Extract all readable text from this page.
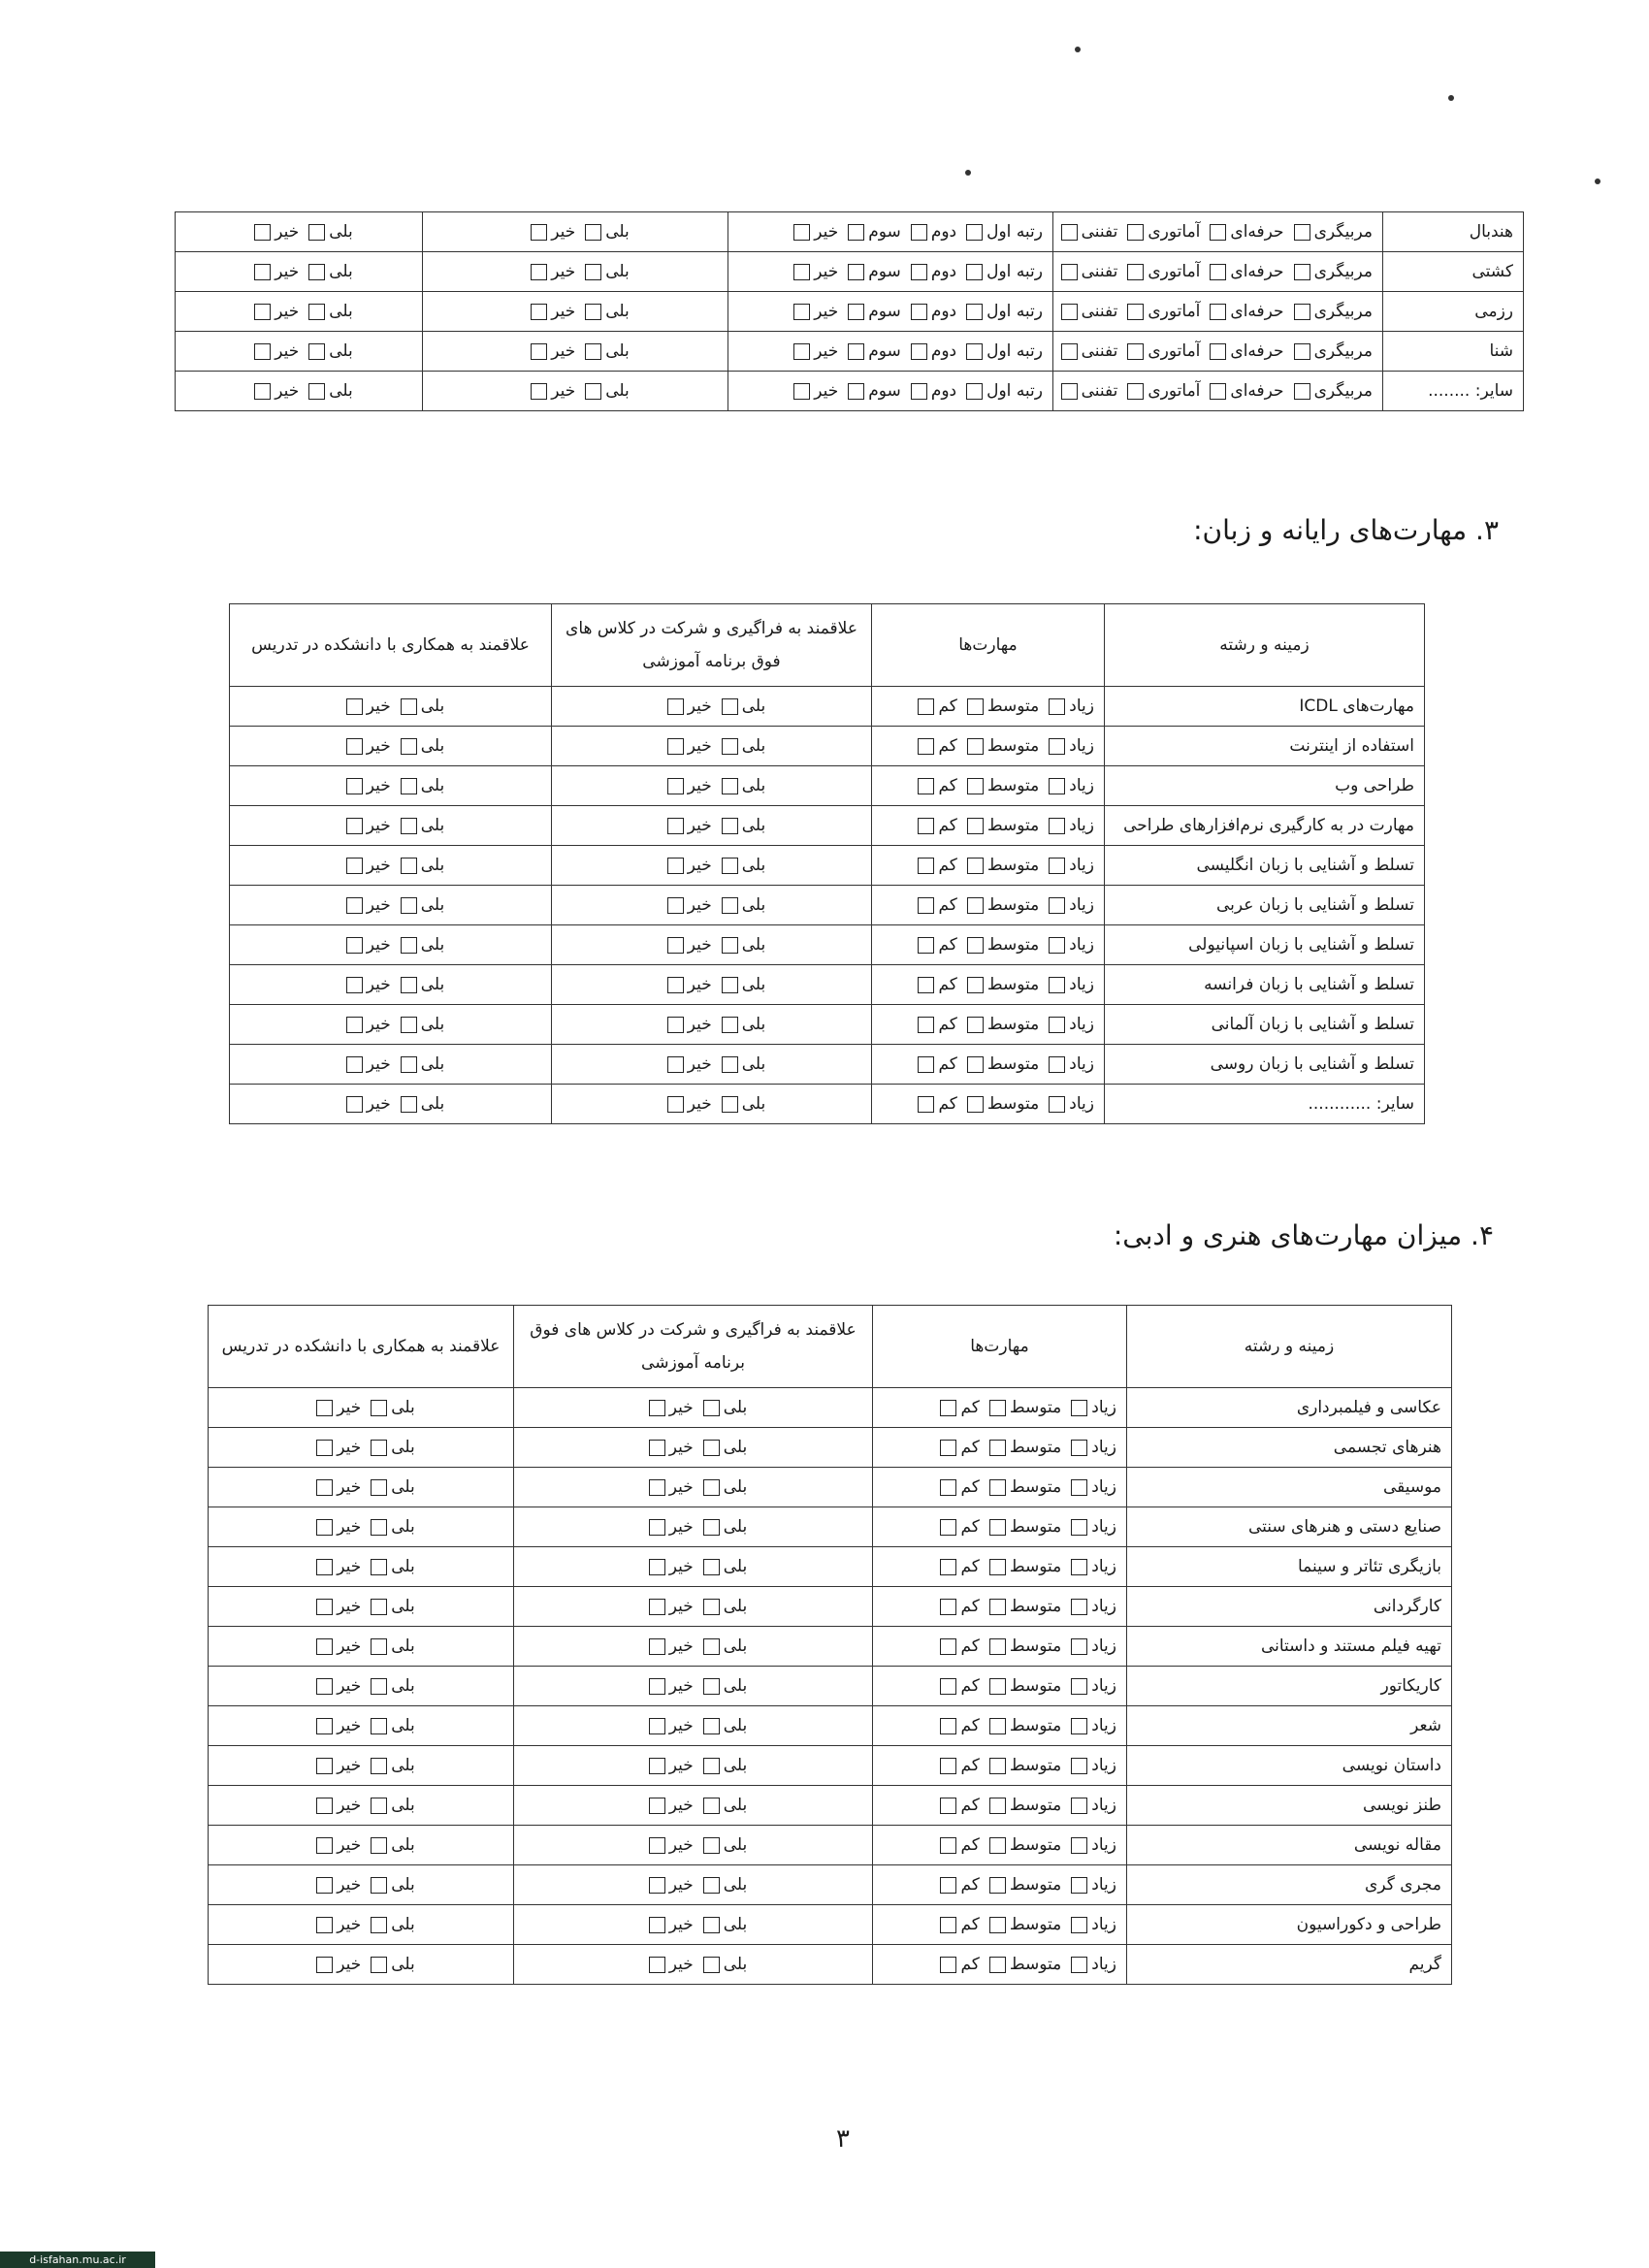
هندبال	مربیگریحرفه‌ایآماتوریتفننی	رتبه اولدومسومخیر	بلیخیر	بلیخیر
کشتی	مربیگریحرفه‌ایآماتوریتفننی	رتبه اولدومسومخیر	بلیخیر	بلیخیر
رزمی	مربیگریحرفه‌ایآماتوریتفننی	رتبه اولدومسومخیر	بلیخیر	بلیخیر
شنا	مربیگریحرفه‌ایآماتوریتفننی	رتبه اولدومسومخیر	بلیخیر	بلیخیر
سایر: ........	مربیگریحرفه‌ایآماتوریتفننی	رتبه اولدومسومخیر	بلیخیر	بلیخیر
۳. مهارت‌های رایانه و زبان:
زمینه و رشته	مهارت‌ها	علاقمند به فراگیری و شرکت در کلاس های فوق برنامه آموزشی	علاقمند به همکاری با دانشکده در تدریس
مهارت‌های ICDL	زیادمتوسطکم	بلیخیر	بلیخیر
استفاده از اینترنت	زیادمتوسطکم	بلیخیر	بلیخیر
طراحی وب	زیادمتوسطکم	بلیخیر	بلیخیر
مهارت در به کارگیری نرم‌افزارهای طراحی	زیادمتوسطکم	بلیخیر	بلیخیر
تسلط و آشنایی با زبان انگلیسی	زیادمتوسطکم	بلیخیر	بلیخیر
تسلط و آشنایی با زبان عربی	زیادمتوسطکم	بلیخیر	بلیخیر
تسلط و آشنایی با زبان اسپانیولی	زیادمتوسطکم	بلیخیر	بلیخیر
تسلط و آشنایی با زبان فرانسه	زیادمتوسطکم	بلیخیر	بلیخیر
تسلط و آشنایی با زبان آلمانی	زیادمتوسطکم	بلیخیر	بلیخیر
تسلط و آشنایی با زبان روسی	زیادمتوسطکم	بلیخیر	بلیخیر
سایر: ............	زیادمتوسطکم	بلیخیر	بلیخیر
۴. میزان مهارت‌های هنری و ادبی:
زمینه و رشته	مهارت‌ها	علاقمند به فراگیری و شرکت در کلاس های فوق برنامه آموزشی	علاقمند به همکاری با دانشکده در تدریس
عکاسی و فیلمبرداری	زیادمتوسطکم	بلیخیر	بلیخیر
هنرهای تجسمی	زیادمتوسطکم	بلیخیر	بلیخیر
موسیقی	زیادمتوسطکم	بلیخیر	بلیخیر
صنایع دستی و هنرهای سنتی	زیادمتوسطکم	بلیخیر	بلیخیر
بازیگری تئاتر و سینما	زیادمتوسطکم	بلیخیر	بلیخیر
کارگردانی	زیادمتوسطکم	بلیخیر	بلیخیر
تهیه فیلم مستند و داستانی	زیادمتوسطکم	بلیخیر	بلیخیر
کاریکاتور	زیادمتوسطکم	بلیخیر	بلیخیر
شعر	زیادمتوسطکم	بلیخیر	بلیخیر
داستان نویسی	زیادمتوسطکم	بلیخیر	بلیخیر
طنز نویسی	زیادمتوسطکم	بلیخیر	بلیخیر
مقاله نویسی	زیادمتوسطکم	بلیخیر	بلیخیر
مجری گری	زیادمتوسطکم	بلیخیر	بلیخیر
طراحی و دکوراسیون	زیادمتوسطکم	بلیخیر	بلیخیر
گریم	زیادمتوسطکم	بلیخیر	بلیخیر
۳
d-isfahan.mu.ac.ir
